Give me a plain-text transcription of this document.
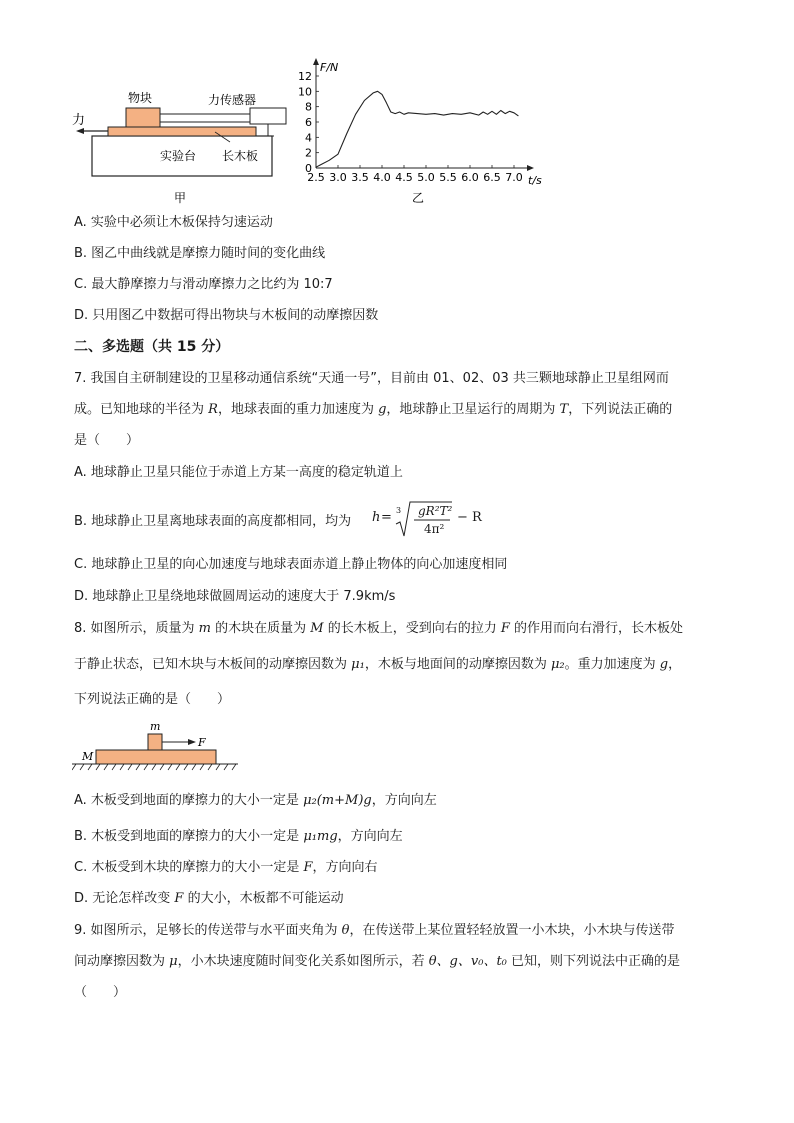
力
物块	力传感器
实验台 长木板
甲
2.5 3.0 3.5 4.0 4.5 5.0 5.5 6.0 6.5 7.0
0
2
4
6
8
10
12
F/N
t/s
乙
A. 实验中必须让木板保持匀速运动
B. 图乙中曲线就是摩擦力随时间的变化曲线
C. 最大静摩擦力与滑动摩擦力之比约为 10:7
D. 只用图乙中数据可得出物块与木板间的动摩擦因数
二、多选题（共 15 分）
7. 我国自主研制建设的卫星移动通信系统“天通一号”，目前由 01、02、03 共三颗地球静止卫星组网而
成。已知地球的半径为 R，地球表面的重力加速度为 g，地球静止卫星运行的周期为 T，下列说法正确的
是（　　）
A. 地球静止卫星只能位于赤道上方某一高度的稳定轨道上
B. 地球静止卫星离地球表面的高度都相同，均为 h = 3 gR²T²
4π²
− R
C. 地球静止卫星的向心加速度与地球表面赤道上静止物体的向心加速度相同
D. 地球静止卫星绕地球做圆周运动的速度大于 7.9km/s
8. 如图所示，质量为 m 的木块在质量为 M 的长木板上，受到向右的拉力 F 的作用而向右滑行，长木板处
于静止状态，已知木块与木板间的动摩擦因数为 μ₁，木板与地面间的动摩擦因数为 μ₂。重力加速度为 g，
下列说法正确的是（　　）
m
F
M
A. 木板受到地面的摩擦力的大小一定是 μ₂(m+M)g，方向向左
B. 木板受到地面的摩擦力的大小一定是 μ₁mg，方向向左
C. 木板受到木块的摩擦力的大小一定是 F，方向向右
D. 无论怎样改变 F 的大小，木板都不可能运动
9. 如图所示，足够长的传送带与水平面夹角为 θ，在传送带上某位置轻轻放置一小木块，小木块与传送带
间动摩擦因数为 μ，小木块速度随时间变化关系如图所示，若 θ、g、v₀、t₀ 已知，则下列说法中正确的是
（　　）
